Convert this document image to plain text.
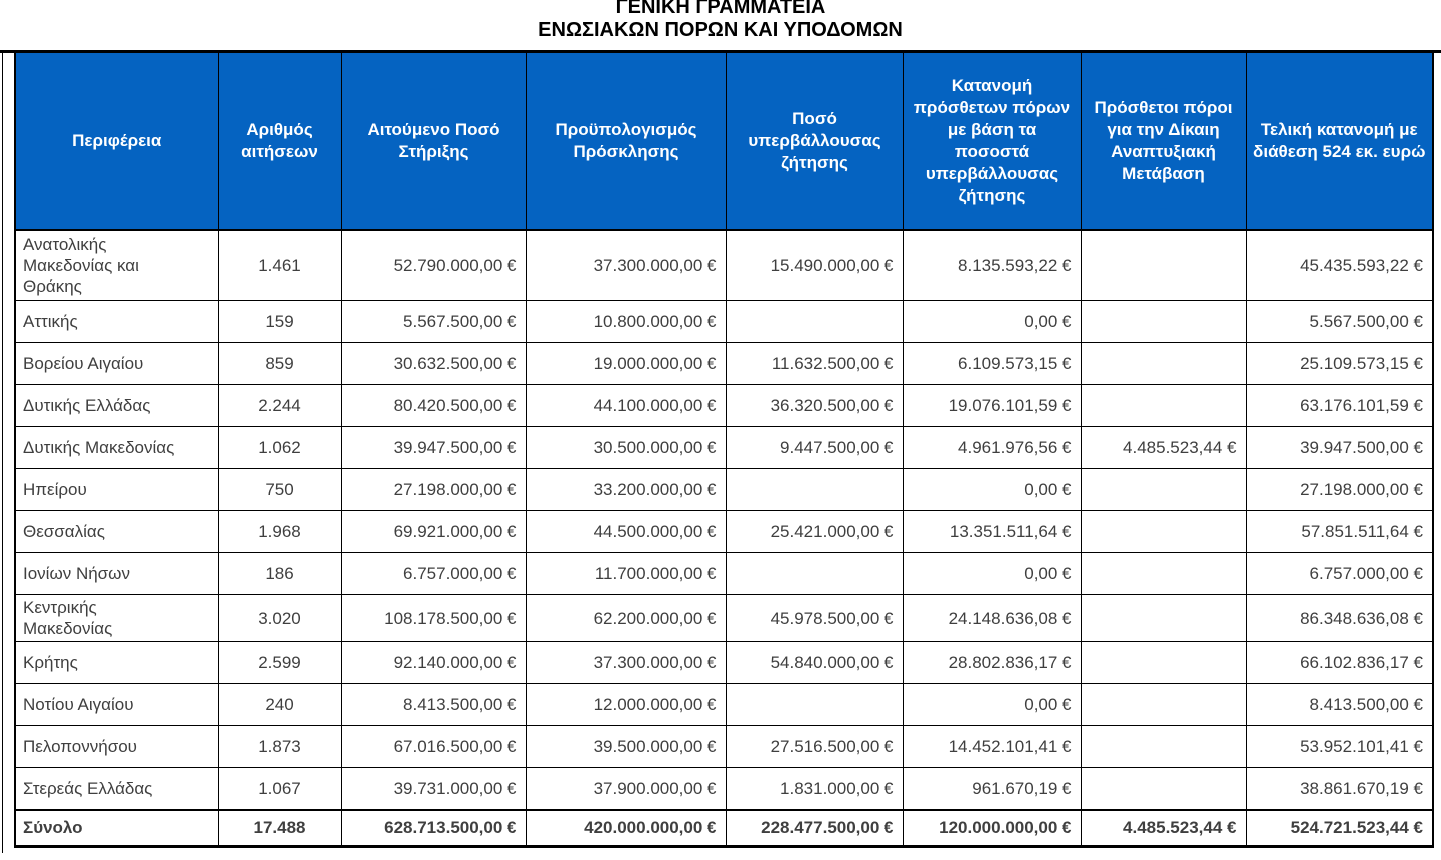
ΓΕΝΙΚΗ ΓΡΑΜΜΑΤΕΙΑ
ΕΝΩΣΙΑΚΩΝ ΠΟΡΩΝ ΚΑΙ ΥΠΟΔΟΜΩΝ
Περιφέρεια	Αριθμός αιτήσεων	Αιτούμενο Ποσό Στήριξης	Προϋπολογισμός Πρόσκλησης	Ποσό υπερβάλλουσας ζήτησης	Κατανομή πρόσθετων πόρων με βάση τα ποσοστά υπερβάλλουσας ζήτησης	Πρόσθετοι πόροι για την Δίκαιη Αναπτυξιακή Μετάβαση	Τελική κατανομή με διάθεση 524 εκ. ευρώ
Ανατολικής Μακεδονίας και Θράκης	1.461	52.790.000,00 €	37.300.000,00 €	15.490.000,00 €	8.135.593,22 €		45.435.593,22 €
Αττικής	159	5.567.500,00 €	10.800.000,00 €		0,00 €		5.567.500,00 €
Βορείου Αιγαίου	859	30.632.500,00 €	19.000.000,00 €	11.632.500,00 €	6.109.573,15 €		25.109.573,15 €
Δυτικής Ελλάδας	2.244	80.420.500,00 €	44.100.000,00 €	36.320.500,00 €	19.076.101,59 €		63.176.101,59 €
Δυτικής Μακεδονίας	1.062	39.947.500,00 €	30.500.000,00 €	9.447.500,00 €	4.961.976,56 €	4.485.523,44 €	39.947.500,00 €
Ηπείρου	750	27.198.000,00 €	33.200.000,00 €		0,00 €		27.198.000,00 €
Θεσσαλίας	1.968	69.921.000,00 €	44.500.000,00 €	25.421.000,00 €	13.351.511,64 €		57.851.511,64 €
Ιονίων Νήσων	186	6.757.000,00 €	11.700.000,00 €		0,00 €		6.757.000,00 €
Κεντρικής Μακεδονίας	3.020	108.178.500,00 €	62.200.000,00 €	45.978.500,00 €	24.148.636,08 €		86.348.636,08 €
Κρήτης	2.599	92.140.000,00 €	37.300.000,00 €	54.840.000,00 €	28.802.836,17 €		66.102.836,17 €
Νοτίου Αιγαίου	240	8.413.500,00 €	12.000.000,00 €		0,00 €		8.413.500,00 €
Πελοποννήσου	1.873	67.016.500,00 €	39.500.000,00 €	27.516.500,00 €	14.452.101,41 €		53.952.101,41 €
Στερεάς Ελλάδας	1.067	39.731.000,00 €	37.900.000,00 €	1.831.000,00 €	961.670,19 €		38.861.670,19 €
Σύνολο	17.488	628.713.500,00 €	420.000.000,00 €	228.477.500,00 €	120.000.000,00 €	4.485.523,44 €	524.721.523,44 €
